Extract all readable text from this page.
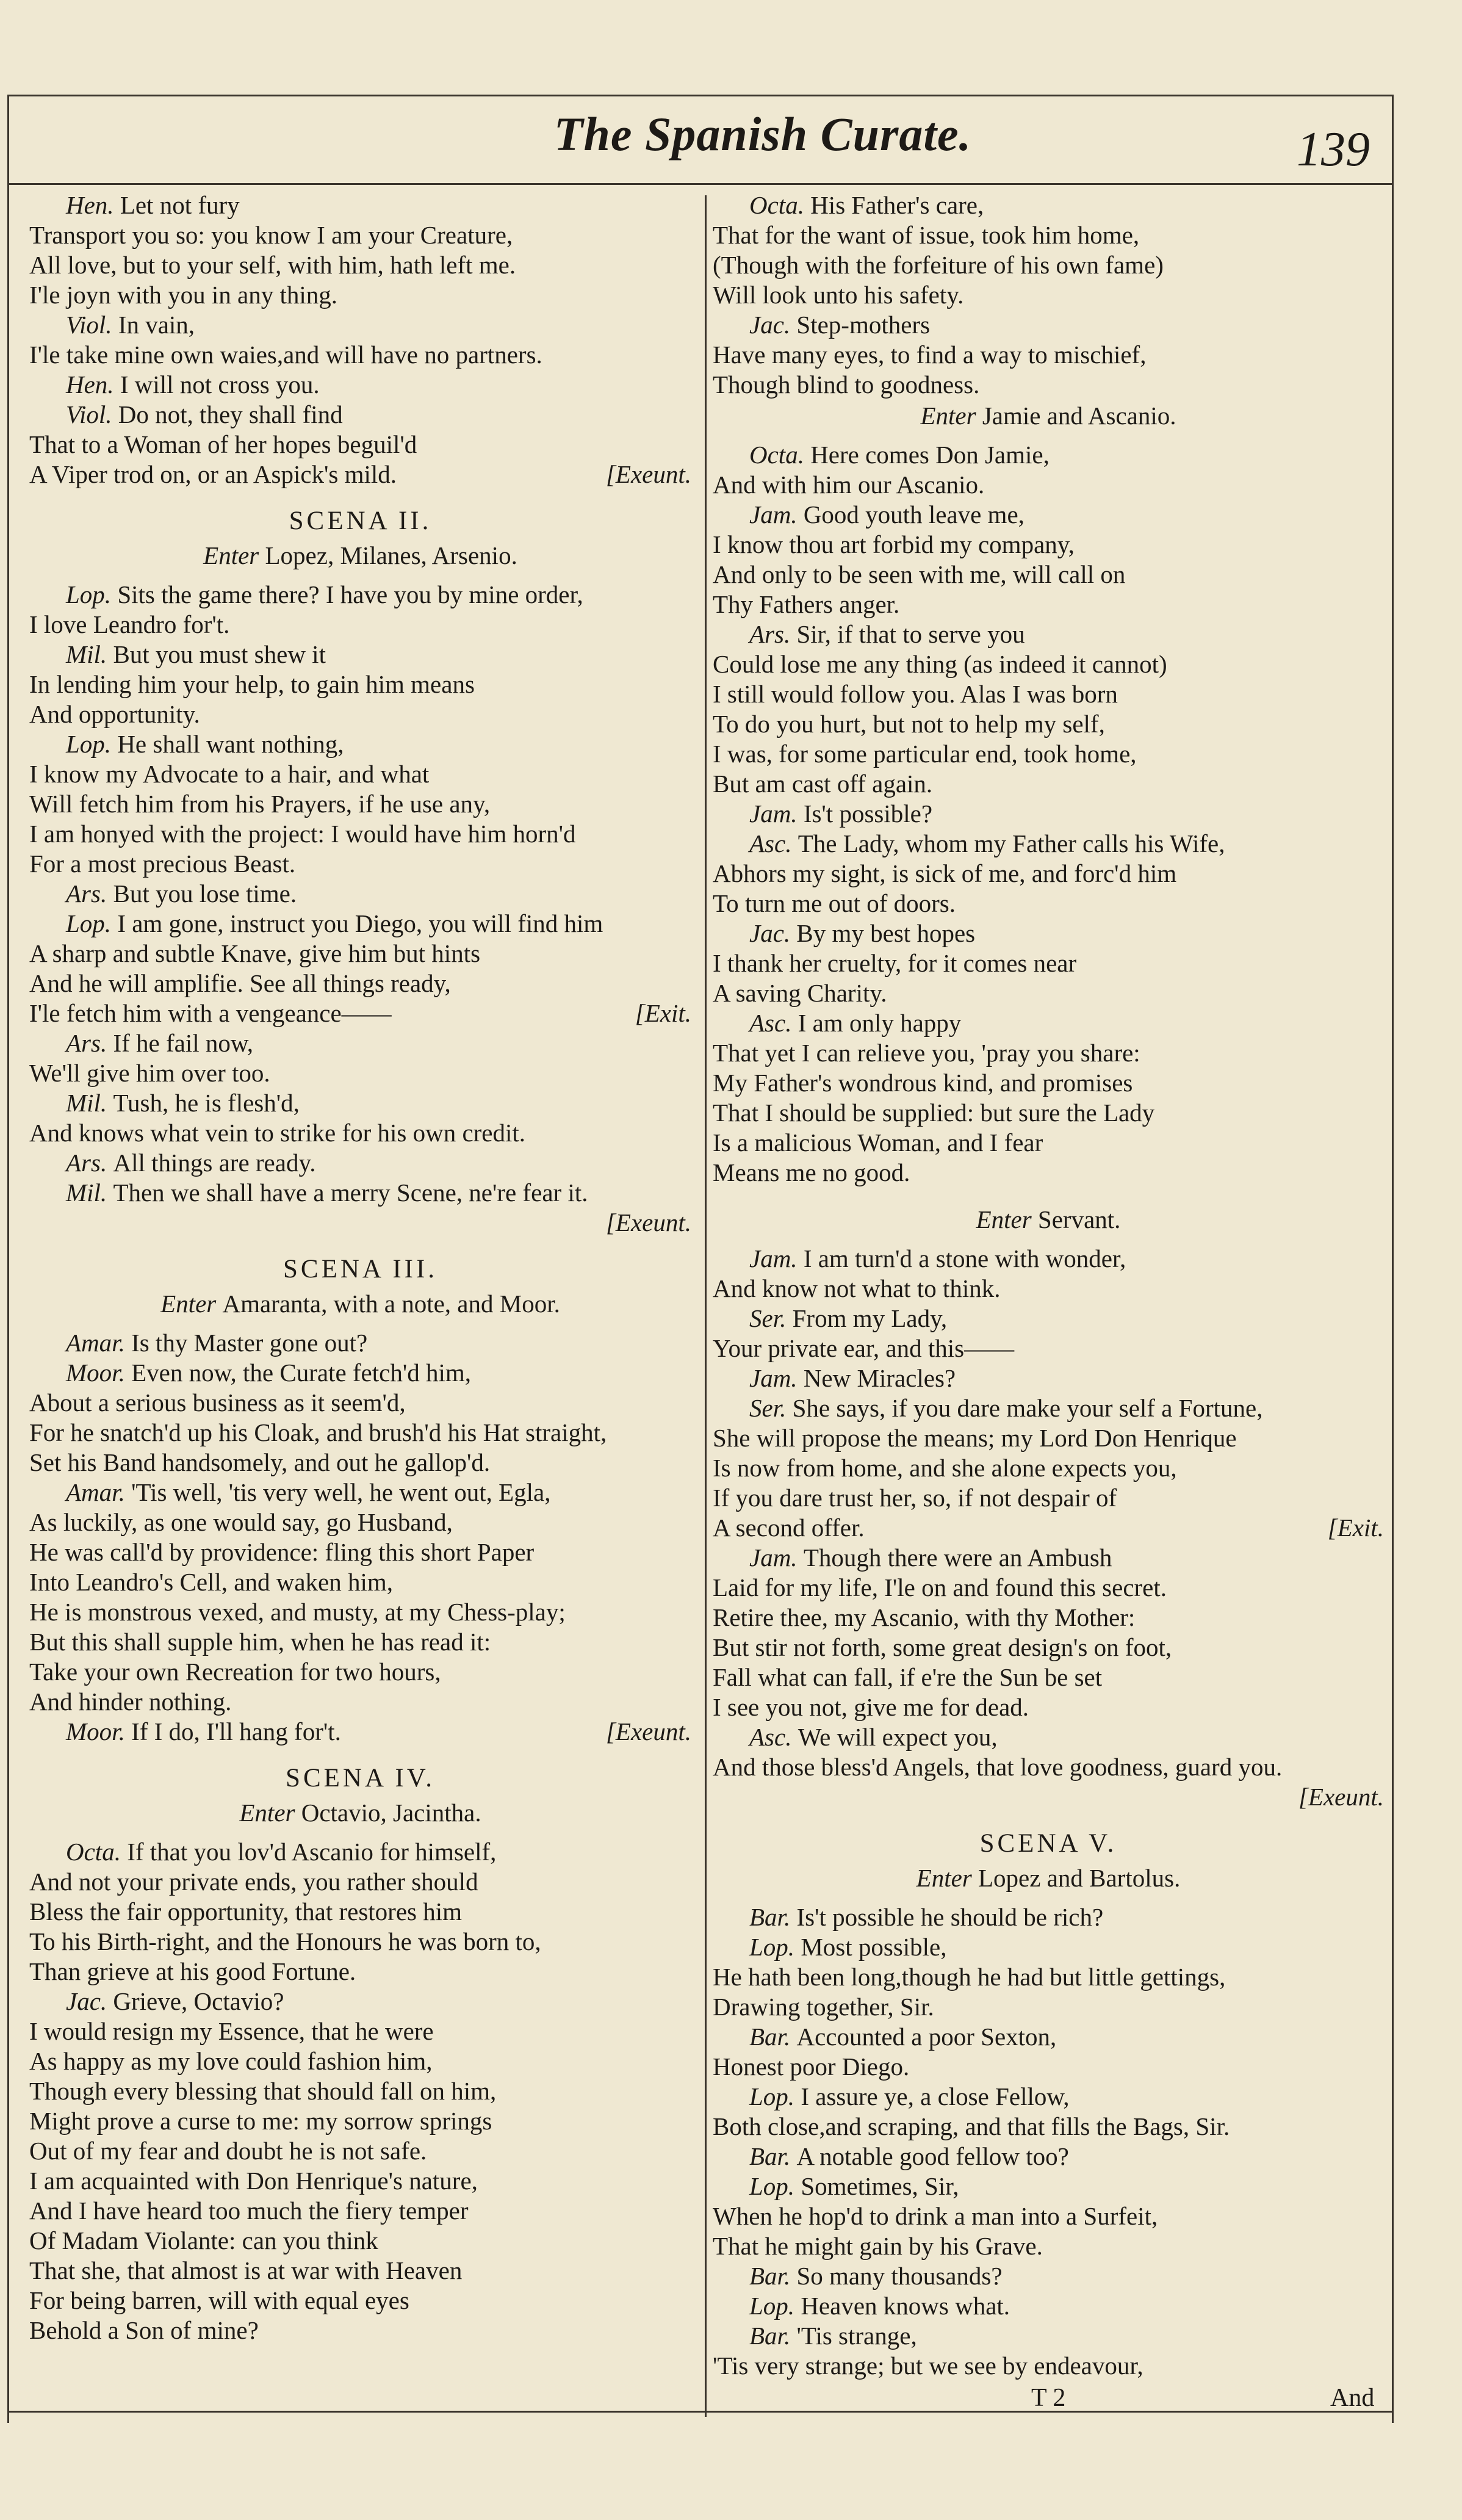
The Spanish Curate.	139
Hen. Let not fury
Transport you so: you know I am your Creature,
All love, but to your self, with him, hath left me.
I'le joyn with you in any thing.
Viol. In vain,
I'le take mine own waies,and will have no partners.
Hen. I will not cross you.
Viol. Do not, they shall find
That to a Woman of her hopes beguil'd
[Exeunt.
A Viper trod on, or an Aspick's mild.
SCENA II.
Enter Lopez, Milanes, Arsenio.
Lop. Sits the game there? I have you by mine order,
I love Leandro for't.
Mil. But you must shew it
In lending him your help, to gain him means
And opportunity.
Lop. He shall want nothing,
I know my Advocate to a hair, and what
Will fetch him from his Prayers, if he use any,
I am honyed with the project: I would have him horn'd
For a most precious Beast.
Ars. But you lose time.
Lop. I am gone, instruct you Diego, you will find him
A sharp and subtle Knave, give him but hints
And he will amplifie. See all things ready,
[Exit.
I'le fetch him with a vengeance——
Ars. If he fail now,
We'll give him over too.
Mil. Tush, he is flesh'd,
And knows what vein to strike for his own credit.
Ars. All things are ready.
Mil. Then we shall have a merry Scene, ne're fear it.
[Exeunt.
SCENA III.
Enter Amaranta, with a note, and Moor.
Amar. Is thy Master gone out?
Moor. Even now, the Curate fetch'd him,
About a serious business as it seem'd,
For he snatch'd up his Cloak, and brush'd his Hat straight,
Set his Band handsomely, and out he gallop'd.
Amar. 'Tis well, 'tis very well, he went out, Egla,
As luckily, as one would say, go Husband,
He was call'd by providence: fling this short Paper
Into Leandro's Cell, and waken him,
He is monstrous vexed, and musty, at my Chess-play;
But this shall supple him, when he has read it:
Take your own Recreation for two hours,
And hinder nothing.
[Exeunt.
Moor. If I do, I'll hang for't.
SCENA IV.
Enter Octavio, Jacintha.
Octa. If that you lov'd Ascanio for himself,
And not your private ends, you rather should
Bless the fair opportunity, that restores him
To his Birth-right, and the Honours he was born to,
Than grieve at his good Fortune.
Jac. Grieve, Octavio?
I would resign my Essence, that he were
As happy as my love could fashion him,
Though every blessing that should fall on him,
Might prove a curse to me: my sorrow springs
Out of my fear and doubt he is not safe.
I am acquainted with Don Henrique's nature,
And I have heard too much the fiery temper
Of Madam Violante: can you think
That she, that almost is at war with Heaven
For being barren, will with equal eyes
Behold a Son of mine?
Octa. His Father's care,
That for the want of issue, took him home,
(Though with the forfeiture of his own fame)
Will look unto his safety.
Jac. Step-mothers
Have many eyes, to find a way to mischief,
Though blind to goodness.
Enter Jamie and Ascanio.
Octa. Here comes Don Jamie,
And with him our Ascanio.
Jam. Good youth leave me,
I know thou art forbid my company,
And only to be seen with me, will call on
Thy Fathers anger.
Ars. Sir, if that to serve you
Could lose me any thing (as indeed it cannot)
I still would follow you. Alas I was born
To do you hurt, but not to help my self,
I was, for some particular end, took home,
But am cast off again.
Jam. Is't possible?
Asc. The Lady, whom my Father calls his Wife,
Abhors my sight, is sick of me, and forc'd him
To turn me out of doors.
Jac. By my best hopes
I thank her cruelty, for it comes near
A saving Charity.
Asc. I am only happy
That yet I can relieve you, 'pray you share:
My Father's wondrous kind, and promises
That I should be supplied: but sure the Lady
Is a malicious Woman, and I fear
Means me no good.
Enter Servant.
Jam. I am turn'd a stone with wonder,
And know not what to think.
Ser. From my Lady,
Your private ear, and this——
Jam. New Miracles?
Ser. She says, if you dare make your self a Fortune,
She will propose the means; my Lord Don Henrique
Is now from home, and she alone expects you,
If you dare trust her, so, if not despair of
[Exit.
A second offer.
Jam. Though there were an Ambush
Laid for my life, I'le on and found this secret.
Retire thee, my Ascanio, with thy Mother:
But stir not forth, some great design's on foot,
Fall what can fall, if e're the Sun be set
I see you not, give me for dead.
Asc. We will expect you,
And those bless'd Angels, that love goodness, guard you.
[Exeunt.
SCENA V.
Enter Lopez and Bartolus.
Bar. Is't possible he should be rich?
Lop. Most possible,
He hath been long,though he had but little gettings,
Drawing together, Sir.
Bar. Accounted a poor Sexton,
Honest poor Diego.
Lop. I assure ye, a close Fellow,
Both close,and scraping, and that fills the Bags, Sir.
Bar. A notable good fellow too?
Lop. Sometimes, Sir,
When he hop'd to drink a man into a Surfeit,
That he might gain by his Grave.
Bar. So many thousands?
Lop. Heaven knows what.
Bar. 'Tis strange,
'Tis very strange; but we see by endeavour,
T 2	And
